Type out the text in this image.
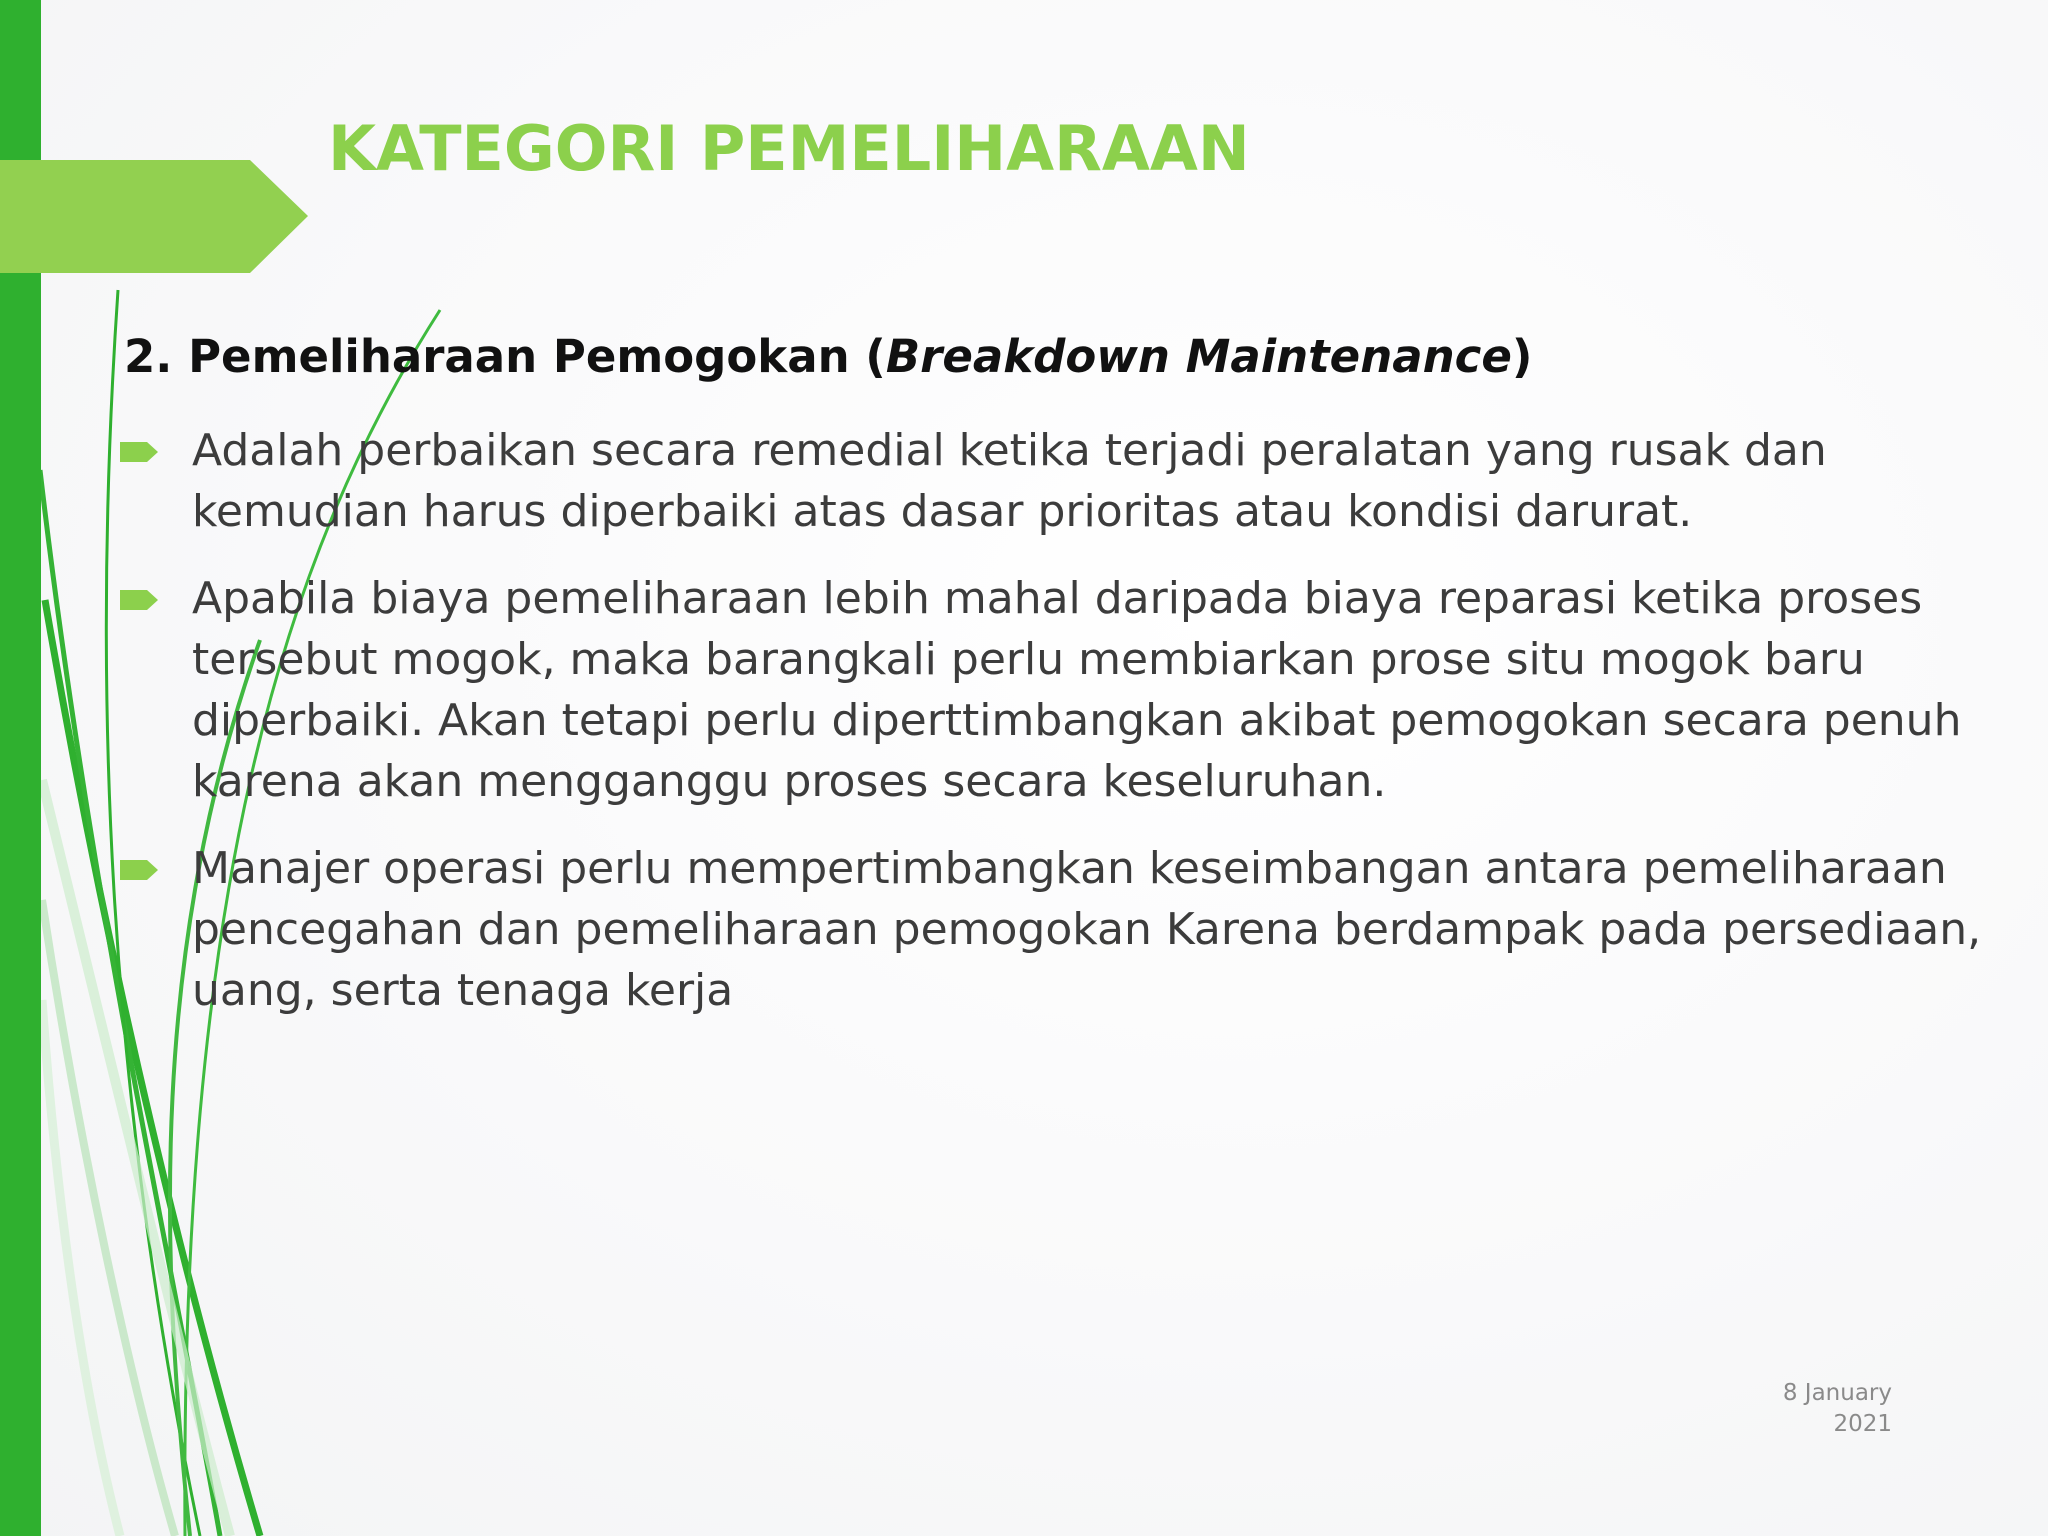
KATEGORI PEMELIHARAAN
2. Pemeliharaan Pemogokan (Breakdown Maintenance)
Adalah perbaikan secara remedial ketika terjadi peralatan yang rusak dan kemudian harus diperbaiki atas dasar prioritas atau kondisi darurat.
Apabila biaya pemeliharaan lebih mahal daripada biaya reparasi ketika proses tersebut mogok, maka barangkali perlu membiarkan prose situ mogok baru diperbaiki. Akan tetapi perlu diperttimbangkan akibat pemogokan secara penuh karena akan mengganggu proses secara keseluruhan.
Manajer operasi perlu mempertimbangkan keseimbangan antara pemeliharaan pencegahan dan pemeliharaan pemogokan Karena berdampak pada persediaan, uang, serta tenaga kerja
8 January
2021
